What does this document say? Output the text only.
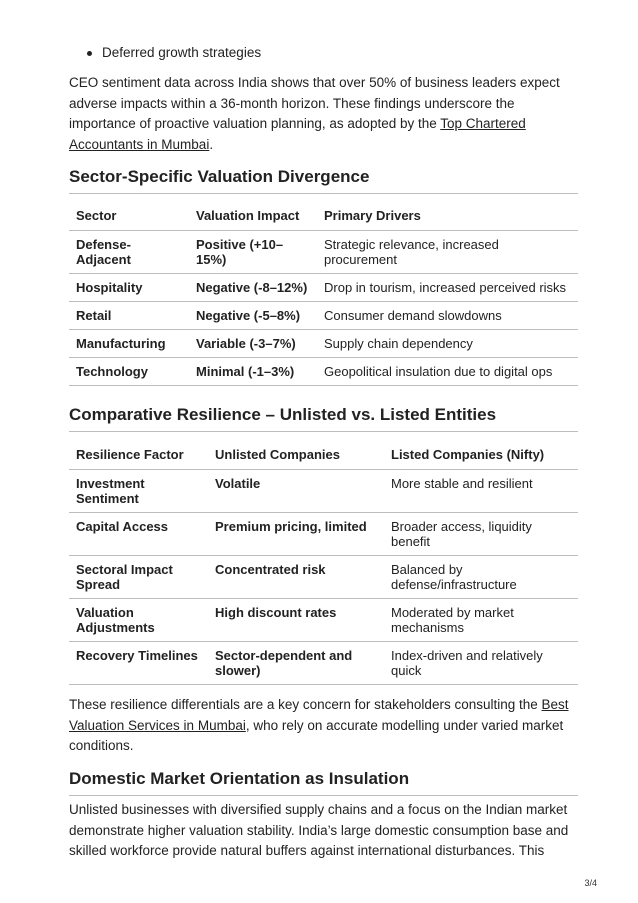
Deferred growth strategies

CEO sentiment data across India shows that over 50% of business leaders expect adverse impacts within a 36-month horizon. These findings underscore the importance of proactive valuation planning, as adopted by the Top Chartered Accountants in Mumbai.

Sector-Specific Valuation Divergence
Sector	Valuation Impact	Primary Drivers
Defense-Adjacent	Positive (+10–15%)	Strategic relevance, increased procurement
Hospitality	Negative (-8–12%)	Drop in tourism, increased perceived risks
Retail	Negative (-5–8%)	Consumer demand slowdowns
Manufacturing	Variable (-3–7%)	Supply chain dependency
Technology	Minimal (-1–3%)	Geopolitical insulation due to digital ops
Comparative Resilience – Unlisted vs. Listed Entities
Resilience Factor	Unlisted Companies	Listed Companies (Nifty)
Investment Sentiment	Volatile	More stable and resilient
Capital Access	Premium pricing, limited	Broader access, liquidity benefit
Sectoral Impact Spread	Concentrated risk	Balanced by defense/infrastructure
Valuation Adjustments	High discount rates	Moderated by market mechanisms
Recovery Timelines	Sector-dependent and slower)	Index-driven and relatively quick

These resilience differentials are a key concern for stakeholders consulting the Best Valuation Services in Mumbai, who rely on accurate modelling under varied market conditions.

Domestic Market Orientation as Insulation

Unlisted businesses with diversified supply chains and a focus on the Indian market demonstrate higher valuation stability. India’s large domestic consumption base and skilled workforce provide natural buffers against international disturbances. This

3/4
